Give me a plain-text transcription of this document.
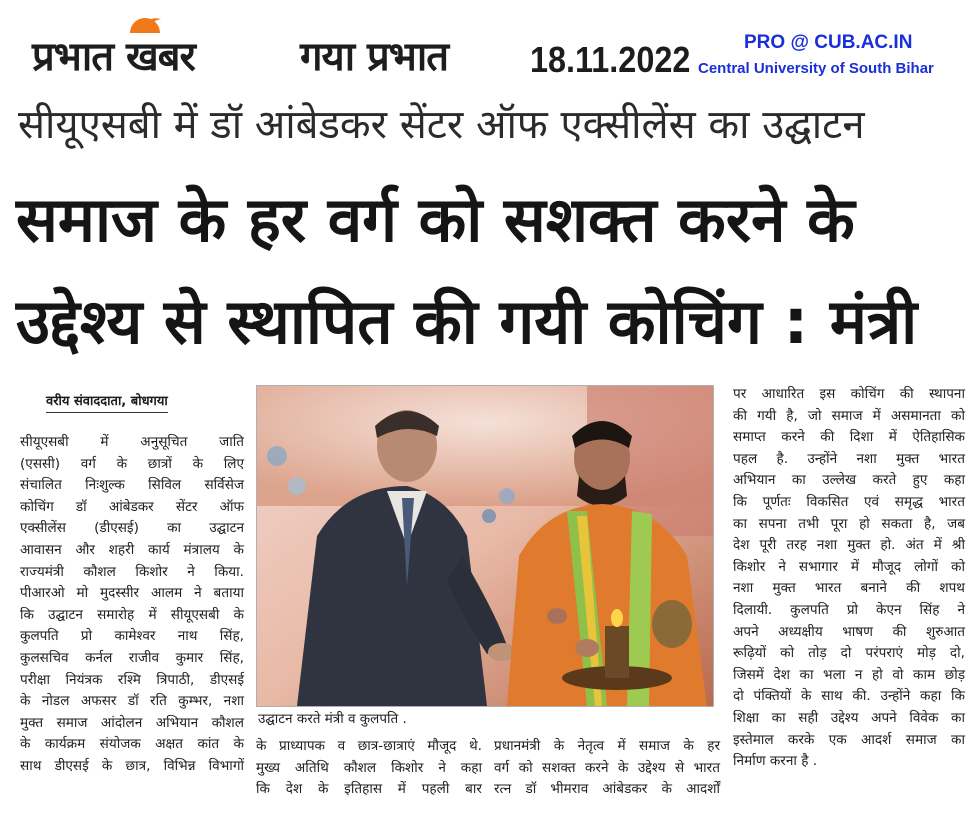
प्रभात खबर	गया प्रभात 18.11.2022	PRO @ CUB.AC.IN
Central University of South Bihar
सीयूएसबी में डॉ आंबेडकर सेंटर ऑफ एक्सीलेंस का उद्घाटन
समाज के हर वर्ग को सशक्त करने के
उद्देश्य से स्थापित की गयी कोचिंग : मंत्री
वरीय संवाददाता, बोधगया
सीयूएसबी में अनुसूचित जाति
(एससी) वर्ग के छात्रों के लिए
संचालित निःशुल्क सिविल सर्विसेज
कोचिंग डॉ आंबेडकर सेंटर ऑफ
एक्सीलेंस (डीएसई) का उद्घाटन
आवासन और शहरी कार्य मंत्रालय के
राज्यमंत्री कौशल किशोर ने किया.
पीआरओ मो मुदस्सीर आलम ने बताया
कि उद्घाटन समारोह में सीयूएसबी के
कुलपति प्रो कामेश्वर नाथ सिंह,
कुलसचिव कर्नल राजीव कुमार सिंह,
परीक्षा नियंत्रक रश्मि त्रिपाठी, डीएसई
के नोडल अफसर डॉ रति कुम्भर, नशा
मुक्त समाज आंदोलन अभियान कौशल
के कार्यक्रम संयोजक अक्षत कांत के
साथ डीएसई के छात्र, विभिन्न विभागों
उद्घाटन करते मंत्री व कुलपति .
के प्राध्यापक व छात्र-छात्राएं मौजूद थे.
मुख्य अतिथि कौशल किशोर ने कहा
कि देश के इतिहास में पहली बार
प्रधानमंत्री के नेतृत्व में समाज के हर
वर्ग को सशक्त करने के उद्देश्य से भारत
रत्न डॉ भीमराव आंबेडकर के आदर्शों
पर आधारित इस कोचिंग की स्थापना
की गयी है, जो समाज में असमानता को
समाप्त करने की दिशा में ऐतिहासिक
पहल है. उन्होंने नशा मुक्त भारत
अभियान का उल्लेख करते हुए कहा
कि पूर्णतः विकसित एवं समृद्ध भारत
का सपना तभी पूरा हो सकता है, जब
देश पूरी तरह नशा मुक्त हो. अंत में श्री
किशोर ने सभागार में मौजूद लोगों को
नशा मुक्त भारत बनाने की शपथ
दिलायी. कुलपति प्रो केएन सिंह ने
अपने अध्यक्षीय भाषण की शुरुआत
रूढ़ियों को तोड़ दो परंपराएं मोड़ दो,
जिसमें देश का भला न हो वो काम छोड़
दो पंक्तियों के साथ की. उन्होंने कहा कि
शिक्षा का सही उद्देश्य अपने विवेक का
इस्तेमाल करके एक आदर्श समाज का
निर्माण करना है .
